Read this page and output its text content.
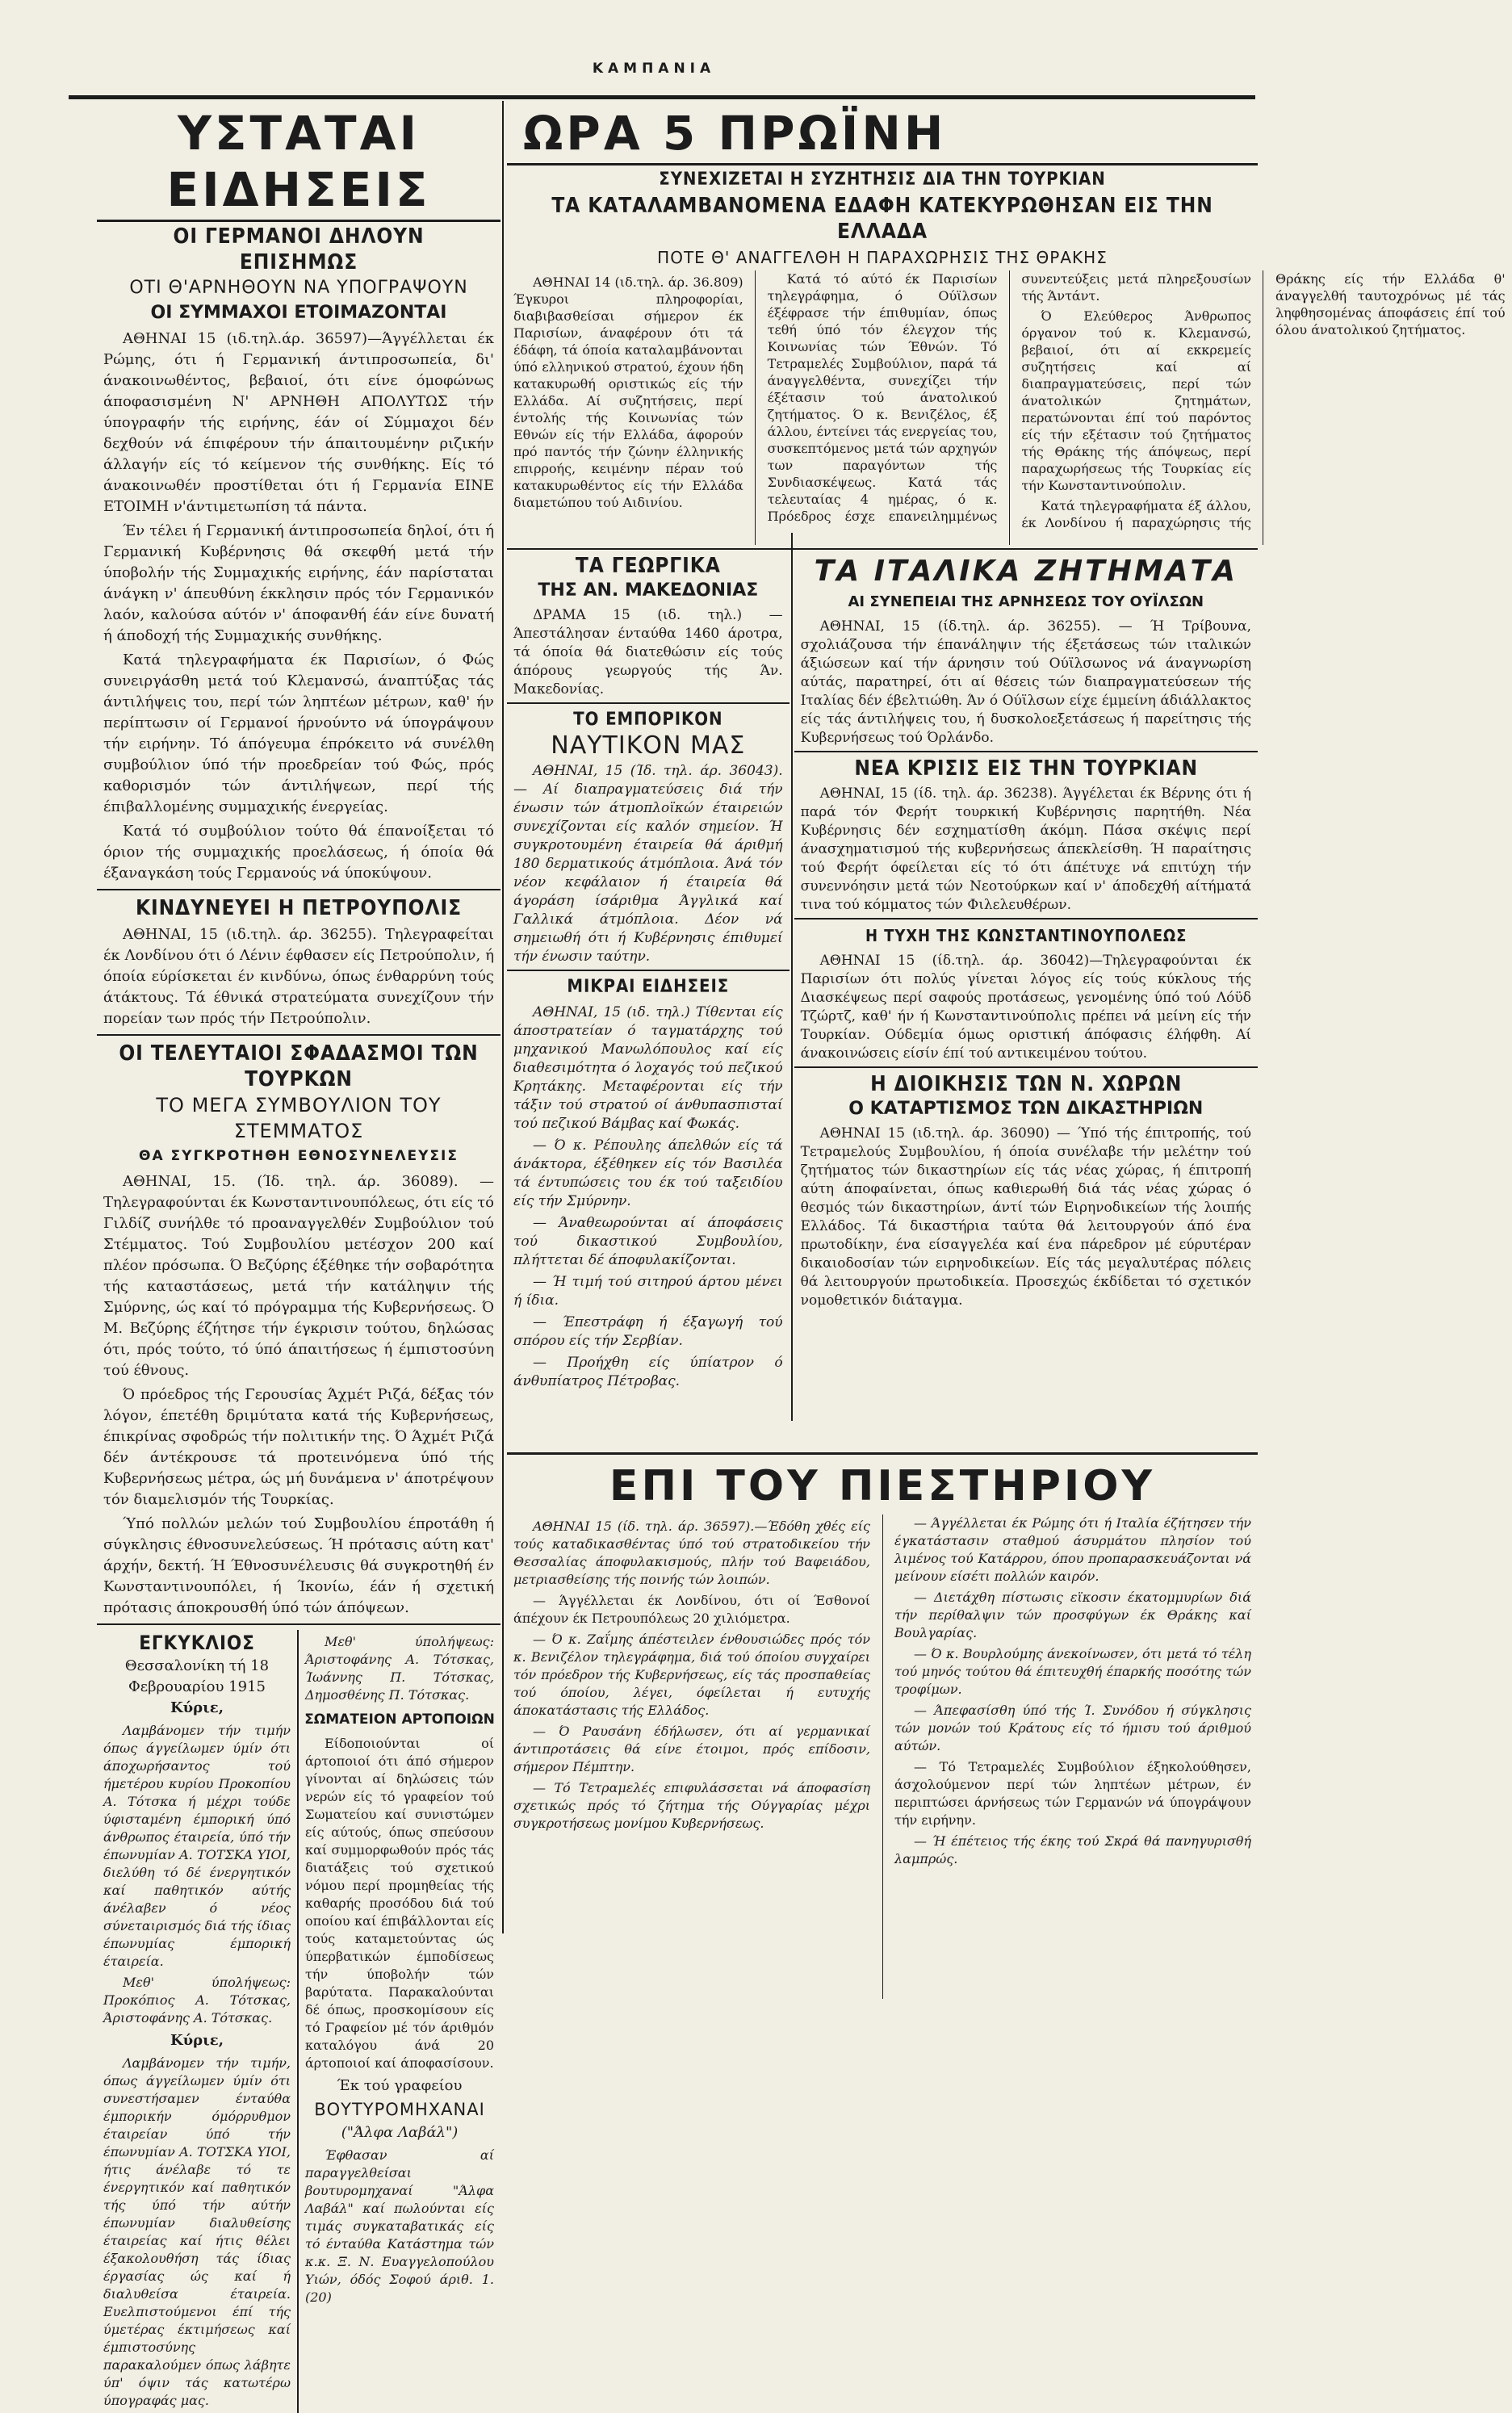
ΚΑΜΠΑΝΙΑ
ΥΣΤΑΤΑΙ ΕΙΔΗΣΕΙΣ
ΟΙ ΓΕΡΜΑΝΟΙ ΔΗΛΟΥΝ ΕΠΙΣΗΜΩΣ
ΟΤΙ Θ'ΑΡΝΗΘΟΥΝ ΝΑ ΥΠΟΓΡΑΨΟΥΝ
ΟΙ ΣΥΜΜΑΧΟΙ ΕΤΟΙΜΑΖΟΝΤΑΙ
ΑΘΗΝΑΙ 15 (ιδ.τηλ.άρ. 36597)—Άγγέλλεται έκ Ρώμης, ότι ή Γερμανική άντιπροσωπεία, δι' άνακοινωθέντος, βεβαιοί, ότι είνε όμοφώνως άποφασισμένη Ν' ΑΡΝΗΘΗ ΑΠΟΛΥΤΩΣ τήν ύπογραφήν τής ειρήνης, έάν οί Σύμμαχοι δέν δεχθούν νά έπιφέρουν τήν άπαιτουμένην ριζικήν άλλαγήν είς τό κείμενον τής συνθήκης. Είς τό άνακοινωθέν προστίθεται ότι ή Γερμανία ΕΙΝΕ ΕΤΟΙΜΗ ν'άντιμετωπίση τά πάντα.
Έν τέλει ή Γερμανική άντιπροσωπεία δηλοί, ότι ή Γερμανική Κυβέρνησις θά σκεφθή μετά τήν ύποβολήν τής Συμμαχικής ειρήνης, έάν παρίσταται άνάγκη ν' άπευθύνη έκκλησιν πρός τόν Γερμανικόν λαόν, καλούσα αύτόν ν' άποφανθή έάν είνε δυνατή ή άποδοχή τής Συμμαχικής συνθήκης.
Κατά τηλεγραφήματα έκ Παρισίων, ό Φώς συνειργάσθη μετά τού Κλεμανσώ, άναπτύξας τάς άντιλήψεις του, περί τών ληπτέων μέτρων, καθ' ήν περίπτωσιν οί Γερμανοί ήρνούντο νά ύπογράψουν τήν ειρήνην. Τό άπόγευμα έπρόκειτο νά συνέλθη συμβούλιον ύπό τήν προεδρείαν τού Φώς, πρός καθορισμόν τών άντιλήψεων, περί τής έπιβαλλομένης συμμαχικής ένεργείας.
Κατά τό συμβούλιον τούτο θά έπανοίξεται τό όριον τής συμμαχικής προελάσεως, ή όποία θά έξαναγκάση τούς Γερμανούς νά ύποκύψουν.
ΚΙΝΔΥΝΕΥΕΙ Η ΠΕΤΡΟΥΠΟΛΙΣ
ΑΘΗΝΑΙ, 15 (ιδ.τηλ. άρ. 36255). Τηλεγραφείται έκ Λονδίνου ότι ό Λένιν έφθασεν είς Πετρούπολιν, ή όποία εύρίσκεται έν κινδύνω, όπως ένθαρρύνη τούς άτάκτους. Τά έθνικά στρατεύματα συνεχίζουν τήν πορείαν των πρός τήν Πετρούπολιν.
ΟΙ ΤΕΛΕΥΤΑΙΟΙ ΣΦΑΔΑΣΜΟΙ ΤΩΝ ΤΟΥΡΚΩΝ
ΤΟ ΜΕΓΑ ΣΥΜΒΟΥΛΙΟΝ ΤΟΥ ΣΤΕΜΜΑΤΟΣ
ΘΑ ΣΥΓΚΡΟΤΗΘΗ ΕΘΝΟΣΥΝΕΛΕΥΣΙΣ
ΑΘΗΝΑΙ, 15. (Ίδ. τηλ. άρ. 36089). — Τηλεγραφούνται έκ Κωνσταντινουπόλεως, ότι είς τό Γιλδίζ συνήλθε τό προαναγγελθέν Συμβούλιον τού Στέμματος. Τού Συμβουλίου μετέσχον 200 καί πλέον πρόσωπα. Ό Βεζύρης έξέθηκε τήν σοβαρότητα τής καταστάσεως, μετά τήν κατάληψιν τής Σμύρνης, ώς καί τό πρόγραμμα τής Κυβερνήσεως. Ό Μ. Βεζύρης έζήτησε τήν έγκρισιν τούτου, δηλώσας ότι, πρός τούτο, τό ύπό άπαιτήσεως ή έμπιστοσύνη τού έθνους.
Ό πρόεδρος τής Γερουσίας Άχμέτ Ριζά, δέξας τόν λόγον, έπετέθη δριμύτατα κατά τής Κυβερνήσεως, έπικρίνας σφοδρώς τήν πολιτικήν της. Ό Άχμέτ Ριζά δέν άντέκρουσε τά προτεινόμενα ύπό τής Κυβερνήσεως μέτρα, ώς μή δυνάμενα ν' άποτρέψουν τόν διαμελισμόν τής Τουρκίας.
Ύπό πολλών μελών τού Συμβουλίου έπροτάθη ή σύγκλησις έθνοσυνελεύσεως. Ή πρότασις αύτη κατ' άρχήν, δεκτή. Ή Έθνοσυνέλευσις θά συγκροτηθή έν Κωνσταντινουπόλει, ή Ίκονίω, έάν ή σχετική πρότασις άποκρουσθή ύπό τών άπόψεων.
ΕΓΚΥΚΛΙΟΣ
Θεσσαλονίκη τή 18 Φεβρουαρίου 1915
Κύριε,
Λαμβάνομεν τήν τιμήν όπως άγγείλωμεν ύμίν ότι άποχωρήσαντος τού ήμετέρου κυρίου Προκοπίου Α. Τότσκα ή μέχρι τούδε ύφισταμένη έμπορική ύπό άνθρωπος έταιρεία, ύπό τήν έπωνυμίαν Α. ΤΟΤΣΚΑ ΥΙΟΙ, διελύθη τό δέ ένεργητικόν καί παθητικόν αύτής άνέλαβεν ό νέος σύνεταιρισμός διά τής ίδιας έπωνυμίας έμπορική έταιρεία.
Μεθ' ύπολήψεως: Προκόπιος Α. Τότσκας, Άριστοφάνης Α. Τότσκας.
Κύριε,
Λαμβάνομεν τήν τιμήν, όπως άγγείλωμεν ύμίν ότι συνεστήσαμεν ένταύθα έμπορικήν όμόρρυθμον έταιρείαν ύπό τήν έπωνυμίαν Α. ΤΟΤΣΚΑ ΥΙΟΙ, ήτις άνέλαβε τό τε ένεργητικόν καί παθητικόν τής ύπό τήν αύτήν έπωνυμίαν διαλυθείσης έταιρείας καί ήτις θέλει έξακολουθήση τάς ίδιας έργασίας ώς καί ή διαλυθείσα έταιρεία. Ευελπιστούμενοι έπί τής ύμετέρας έκτιμήσεως καί έμπιστοσύνης παρακαλούμεν όπως λάβητε ύπ' όψιν τάς κατωτέρω ύπογραφάς μας.
Μεθ' ύπολήψεως: Άριστοφάνης Α. Τότσκας, Ίωάννης Π. Τότσκας, Δημοσθένης Π. Τότσκας.
ΣΩΜΑΤΕΙΟΝ ΑΡΤΟΠΟΙΩΝ
Είδοποιούνται οί άρτοποιοί ότι άπό σήμερον γίνονται αί δηλώσεις τών νερών είς τό γραφείον τού Σωματείου καί συνιστώμεν είς αύτούς, όπως σπεύσουν καί συμμορφωθούν πρός τάς διατάξεις τού σχετικού νόμου περί προμηθείας τής καθαρής προσόδου διά τού οποίου καί έπιβάλλονται είς τούς καταμετούντας ώς ύπερβατικών έμποδίσεως τήν ύποβολήν τών βαρύτατα. Παρακαλούνται δέ όπως, προσκομίσουν είς τό Γραφείον μέ τόν άριθμόν καταλόγου άνά 20 άρτοποιοί καί άποφασίσουν.
Έκ τού γραφείου
ΒΟΥΤΥΡΟΜΗΧΑΝΑΙ
("Άλφα Λαβάλ")
Έφθασαν αί παραγγελθείσαι βουτυρομηχαναί "Άλφα Λαβάλ" καί πωλούνται είς τιμάς συγκαταβατικάς είς τό ένταύθα Κατάστημα τών κ.κ. Ξ. Ν. Ευαγγελοπούλου Υιών, όδός Σοφού άριθ. 1. (20)
ΩΡΑ 5 ΠΡΩΪΝΗ
ΣΥΝΕΧΙΖΕΤΑΙ Η ΣΥΖΗΤΗΣΙΣ ΔΙΑ ΤΗΝ ΤΟΥΡΚΙΑΝ
ΤΑ ΚΑΤΑΛΑΜΒΑΝΟΜΕΝΑ ΕΔΑΦΗ ΚΑΤΕΚΥΡΩΘΗΣΑΝ ΕΙΣ ΤΗΝ ΕΛΛΑΔΑ
ΠΟΤΕ Θ' ΑΝΑΓΓΕΛΘΗ Η ΠΑΡΑΧΩΡΗΣΙΣ ΤΗΣ ΘΡΑΚΗΣ
ΑΘΗΝΑΙ 14 (ιδ.τηλ. άρ. 36.809) Έγκυροι πληροφορίαι, διαβιβασθείσαι σήμερον έκ Παρισίων, άναφέρουν ότι τά έδάφη, τά όποία καταλαμβάνονται ύπό ελληνικού στρατού, έχουν ήδη κατακυρωθή οριστικώς είς τήν Ελλάδα. Αί συζητήσεις, περί έντολής τής Κοινωνίας τών Εθνών είς τήν Ελλάδα, άφορούν πρό παντός τήν ζώνην έλληνικής επιρροής, κειμένην πέραν τού κατακυρωθέντος είς τήν Ελλάδα διαμετώπου τού Αιδινίου.
Κατά τό αύτό έκ Παρισίων τηλεγράφημα, ό Ούϊλσων έξέφρασε τήν έπιθυμίαν, όπως τεθή ύπό τόν έλεγχον τής Κοινωνίας τών Έθνών. Τό Τετραμελές Συμβούλιον, παρά τά άναγγελθέντα, συνεχίζει τήν έξέτασιν τού άνατολικού ζητήματος. Ό κ. Βενιζέλος, έξ άλλου, έντείνει τάς ενεργείας του, συσκεπτόμενος μετά τών αρχηγών των παραγόντων τής Συνδιασκέψεως. Κατά τάς τελευταίας 4 ημέρας, ό κ. Πρόεδρος έσχε επανειλημμένως συνεντεύξεις μετά πληρεξουσίων τής Άντάντ.
Ό Ελεύθερος Άνθρωπος όργανον τού κ. Κλεμανσώ, βεβαιοί, ότι αί εκκρεμείς συζητήσεις καί αί διαπραγματεύσεις, περί τών άνατολικών ζητημάτων, περατώνονται έπί τού παρόντος είς τήν εξέτασιν τού ζητήματος τής Θράκης τής άπόψεως, περί παραχωρήσεως τής Τουρκίας είς τήν Κωνσταντινούπολιν.
Κατά τηλεγραφήματα έξ άλλου, έκ Λονδίνου ή παραχώρησις τής Θράκης είς τήν Ελλάδα θ' άναγγελθή ταυτοχρόνως μέ τάς ληφθησομένας άποφάσεις έπί τού όλου άνατολικού ζητήματος.
ΤΑ ΓΕΩΡΓΙΚΑ
ΤΗΣ ΑΝ. ΜΑΚΕΔΟΝΙΑΣ
ΔΡΑΜΑ 15 (ιδ. τηλ.) — Άπεστάλησαν ένταύθα 1460 άροτρα, τά όποία θά διατεθώσιν είς τούς άπόρους γεωργούς τής Άν. Μακεδονίας.
ΤΟ ΕΜΠΟΡΙΚΟΝ
ΝΑΥΤΙΚΟΝ ΜΑΣ
ΑΘΗΝΑΙ, 15 (Ίδ. τηλ. άρ. 36043). — Αί διαπραγματεύσεις διά τήν ένωσιν τών άτμοπλοϊκών έταιρειών συνεχίζονται είς καλόν σημείον. Ή συγκροτουμένη έταιρεία θά άριθμή 180 δερματικούς άτμόπλοια. Άνά τόν νέον κεφάλαιον ή έταιρεία θά άγοράση ίσάριθμα Άγγλικά καί Γαλλικά άτμόπλοια. Δέον νά σημειωθή ότι ή Κυβέρνησις έπιθυμεί τήν ένωσιν ταύτην.
ΜΙΚΡΑΙ ΕΙΔΗΣΕΙΣ
ΑΘΗΝΑΙ, 15 (ιδ. τηλ.) Τίθενται είς άποστρατείαν ό ταγματάρχης τού μηχανικού Μανωλόπουλος καί είς διαθεσιμότητα ό λοχαγός τού πεζικού Κρητάκης. Μεταφέρονται είς τήν τάξιν τού στρατού οί άνθυπασπισταί τού πεζικού Βάμβας καί Φωκάς.
— Ό κ. Ρέπουλης άπελθών είς τά άνάκτορα, έξέθηκεν είς τόν Βασιλέα τά έντυπώσεις του έκ τού ταξειδίου είς τήν Σμύρνην.
— Άναθεωρούνται αί άποφάσεις τού δικαστικού Συμβουλίου, πλήττεται δέ άποφυλακίζονται.
— Ή τιμή τού σιτηρού άρτου μένει ή ίδια.
— Έπεστράφη ή έξαγωγή τού σπόρου είς τήν Σερβίαν.
— Προήχθη είς ύπίατρον ό άνθυπίατρος Πέτροβας.
ΤΑ ΙΤΑΛΙΚΑ ΖΗΤΗΜΑΤΑ
ΑΙ ΣΥΝΕΠΕΙΑΙ ΤΗΣ ΑΡΝΗΣΕΩΣ ΤΟΥ ΟΥΪΛΣΩΝ
ΑΘΗΝΑΙ, 15 (ίδ.τηλ. άρ. 36255). — Ή Τρίβουνα, σχολιάζουσα τήν έπανάληψιν τής έξετάσεως τών ιταλικών άξιώσεων καί τήν άρνησιν τού Ούϊλσωνος νά άναγνωρίση αύτάς, παρατηρεί, ότι αί θέσεις τών διαπραγματεύσεων τής Ιταλίας δέν έβελτιώθη. Άν ό Ούϊλσων είχε έμμείνη άδιάλλακτος είς τάς άντιλήψεις του, ή δυσκολοεξετάσεως ή παρείτησις τής Κυβερνήσεως τού Όρλάνδο.
ΝΕΑ ΚΡΙΣΙΣ ΕΙΣ ΤΗΝ ΤΟΥΡΚΙΑΝ
ΑΘΗΝΑΙ, 15 (ίδ. τηλ. άρ. 36238). Άγγέλεται έκ Βέρνης ότι ή παρά τόν Φερήτ τουρκική Κυβέρνησις παρητήθη. Νέα Κυβέρνησις δέν εσχηματίσθη άκόμη. Πάσα σκέψις περί άνασχηματισμού τής κυβερνήσεως άπεκλείσθη. Ή παραίτησις τού Φερήτ όφείλεται είς τό ότι άπέτυχε νά επιτύχη τήν συνεννόησιν μετά τών Νεοτούρκων καί ν' άποδεχθή αίτήματά τινα τού κόμματος τών Φιλελευθέρων.
Η ΤΥΧΗ ΤΗΣ ΚΩΝΣΤΑΝΤΙΝΟΥΠΟΛΕΩΣ
ΑΘΗΝΑΙ 15 (ίδ.τηλ. άρ. 36042)—Τηλεγραφούνται έκ Παρισίων ότι πολύς γίνεται λόγος είς τούς κύκλους τής Διασκέψεως περί σαφούς προτάσεως, γενομένης ύπό τού Λόϋδ Τζώρτζ, καθ' ήν ή Κωνσταντινούπολις πρέπει νά μείνη είς τήν Τουρκίαν. Ούδεμία όμως οριστική άπόφασις έλήφθη. Αί άνακοινώσεις είσίν έπί τού αντικειμένου τούτου.
Η ΔΙΟΙΚΗΣΙΣ ΤΩΝ Ν. ΧΩΡΩΝ
Ο ΚΑΤΑΡΤΙΣΜΟΣ ΤΩΝ ΔΙΚΑΣΤΗΡΙΩΝ
ΑΘΗΝΑΙ 15 (ιδ.τηλ. άρ. 36090) — Ύπό τής έπιτροπής, τού Τετραμελούς Συμβουλίου, ή όποία συνέλαβε τήν μελέτην τού ζητήματος τών δικαστηρίων είς τάς νέας χώρας, ή έπιτροπή αύτη άποφαίνεται, όπως καθιερωθή διά τάς νέας χώρας ό θεσμός τών δικαστηρίων, άντί τών Ειρηνοδικείων τής λοιπής Ελλάδος. Τά δικαστήρια ταύτα θά λειτουργούν άπό ένα πρωτοδίκην, ένα είσαγγελέα καί ένα πάρεδρον μέ εύρυτέραν δικαιοδοσίαν τών ειρηνοδικείων. Είς τάς μεγαλυτέρας πόλεις θά λειτουργούν πρωτοδικεία. Προσεχώς έκδίδεται τό σχετικόν νομοθετικόν διάταγμα.
ΕΠΙ ΤΟΥ ΠΙΕΣΤΗΡΙΟΥ
ΑΘΗΝΑΙ 15 (ίδ. τηλ. άρ. 36597).—Έδόθη χθές είς τούς καταδικασθέντας ύπό τού στρατοδικείου τήν Θεσσαλίας άποφυλακισμούς, πλήν τού Βαφειάδου, μετριασθείσης τής ποινής τών λοιπών.
— Άγγέλλεται έκ Λονδίνου, ότι οί Έσθονοί άπέχουν έκ Πετρουπόλεως 20 χιλιόμετρα.
— Ό κ. Ζαΐμης άπέστειλεν ένθουσιώδες πρός τόν κ. Βενιζέλον τηλεγράφημα, διά τού όποίου συγχαίρει τόν πρόεδρον τής Κυβερνήσεως, είς τάς προσπαθείας τού όποίου, λέγει, όφείλεται ή ευτυχής άποκατάστασις τής Ελλάδος.
— Ό Ραυσάνη έδήλωσεν, ότι αί γερμανικαί άντιπροτάσεις θά είνε έτοιμοι, πρός επίδοσιν, σήμερον Πέμπτην.
— Τό Τετραμελές επιφυλάσσεται νά άποφασίση σχετικώς πρός τό ζήτημα τής Ούγγαρίας μέχρι συγκροτήσεως μονίμου Κυβερνήσεως.
— Άγγέλλεται έκ Ρώμης ότι ή Ιταλία έζήτησεν τήν έγκατάστασιν σταθμού άσυρμάτου πλησίον τού λιμένος τού Κατάρρου, όπου προπαρασκευάζονται νά μείνουν είσέτι πολλών καιρόν.
— Διετάχθη πίστωσις εϊκοσιν έκατομμυρίων διά τήν περίθαλψιν τών προσφύγων έκ Θράκης καί Βουλγαρίας.
— Ό κ. Βουρλούμης άνεκοίνωσεν, ότι μετά τό τέλη τού μηνός τούτου θά έπιτευχθή έπαρκής ποσότης τών τροφίμων.
— Άπεφασίσθη ύπό τής Ί. Συνόδου ή σύγκλησις τών μονών τού Κράτους είς τό ήμισυ τού άριθμού αύτών.
— Τό Τετραμελές Συμβούλιον έξηκολούθησεν, άσχολούμενον περί τών ληπτέων μέτρων, έν περιπτώσει άρνήσεως τών Γερμανών νά ύπογράψουν τήν ειρήνην.
— Ή έπέτειος τής έκης τού Σκρά θά πανηγυρισθή λαμπρώς.
